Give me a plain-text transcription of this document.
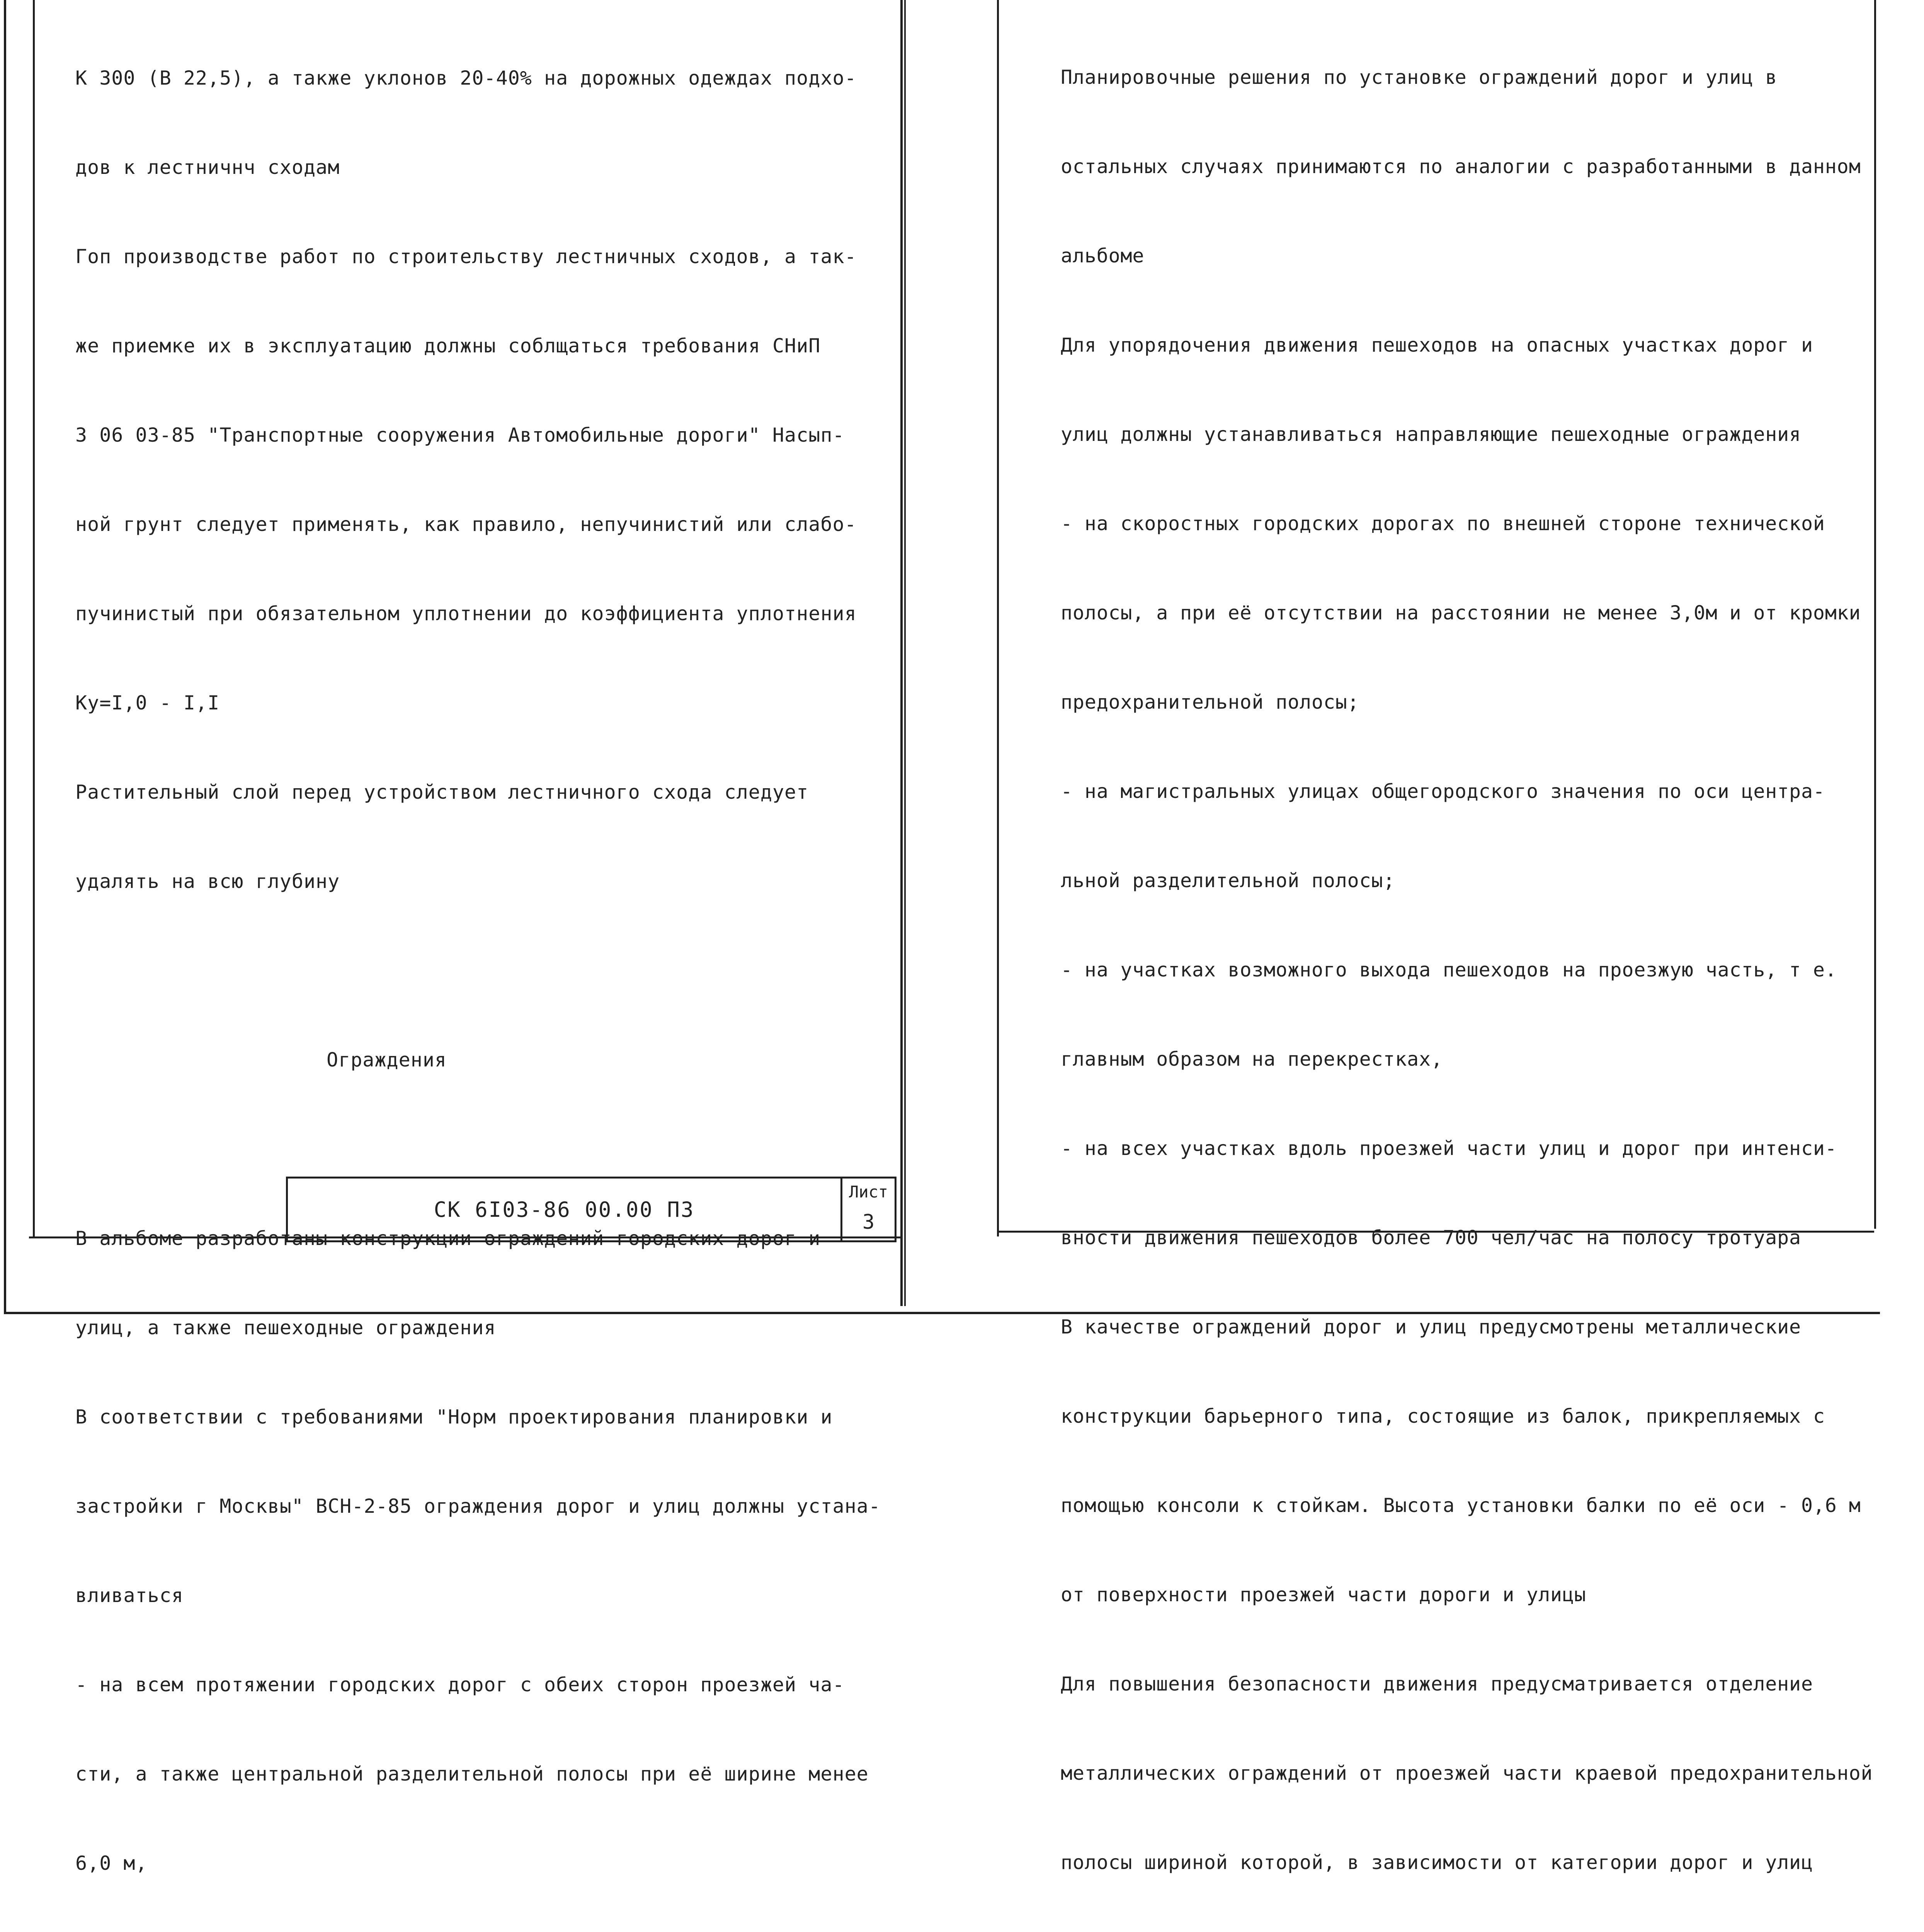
К 300 (В 22,5), а также уклонов 20-40% на дорожных одеждах подхо-

дов к лестничнч сходам

Гоп производстве работ по строительству лестничных сходов, а так-

же приемке их в эксплуатацию должны соблщаться требования СНиП

3 06 03-85 "Транспортные сооружения Автомобильные дороги" Насып-

ной грунт следует применять, как правило, непучинистий или слабо-

пучинистый при обязательном уплотнении до коэффициента уплотнения

Ку=I,0 - I,I

Растительный слой перед устройством лестничного схода следует

удалять на всю глубину

Ограждения

В альбоме разработаны конструкции ограждений городских дорог и

улиц, а также пешеходные ограждения

В соответствии с требованиями "Норм проектирования планировки и

застройки г Москвы" ВСН-2-85 ограждения дорог и улиц должны устана-

вливаться

- на всем протяжении городских дорог с обеих сторон проезжей ча-

сти, а также центральной разделительной полосы при её ширине менее

6,0 м,

СК 6I03-86 00.00 ПЗ
Лист
3

Планировочные решения по установке ограждений дорог и улиц в

остальных случаях принимаются по аналогии с разработанными в данном

альбоме

Для упорядочения движения пешеходов на опасных участках дорог и

улиц должны устанавливаться направляющие пешеходные ограждения

- на скоростных городских дорогах по внешней стороне технической

полосы, а при её отсутствии на расстоянии не менее 3,0м и от кромки

предохранительной полосы;

- на магистральных улицах общегородского значения по оси центра-

льной разделительной полосы;

- на участках возможного выхода пешеходов на проезжую часть, т е.

главным образом на перекрестках,

- на всех участках вдоль проезжей части улиц и дорог при интенси-

вности движения пешеходов более 700 чел/час на полосу тротуара

В качестве ограждений дорог и улиц предусмотрены металлические

конструкции барьерного типа, состоящие из балок, прикрепляемых с

помощью консоли к стойкам. Высота установки балки по её оси - 0,6 м

от поверхности проезжей части дороги и улицы

Для повышения безопасности движения предусматривается отделение

металлических ограждений от проезжей части краевой предохранительной

полосы шириной которой, в зависимости от категории дорог и улиц
